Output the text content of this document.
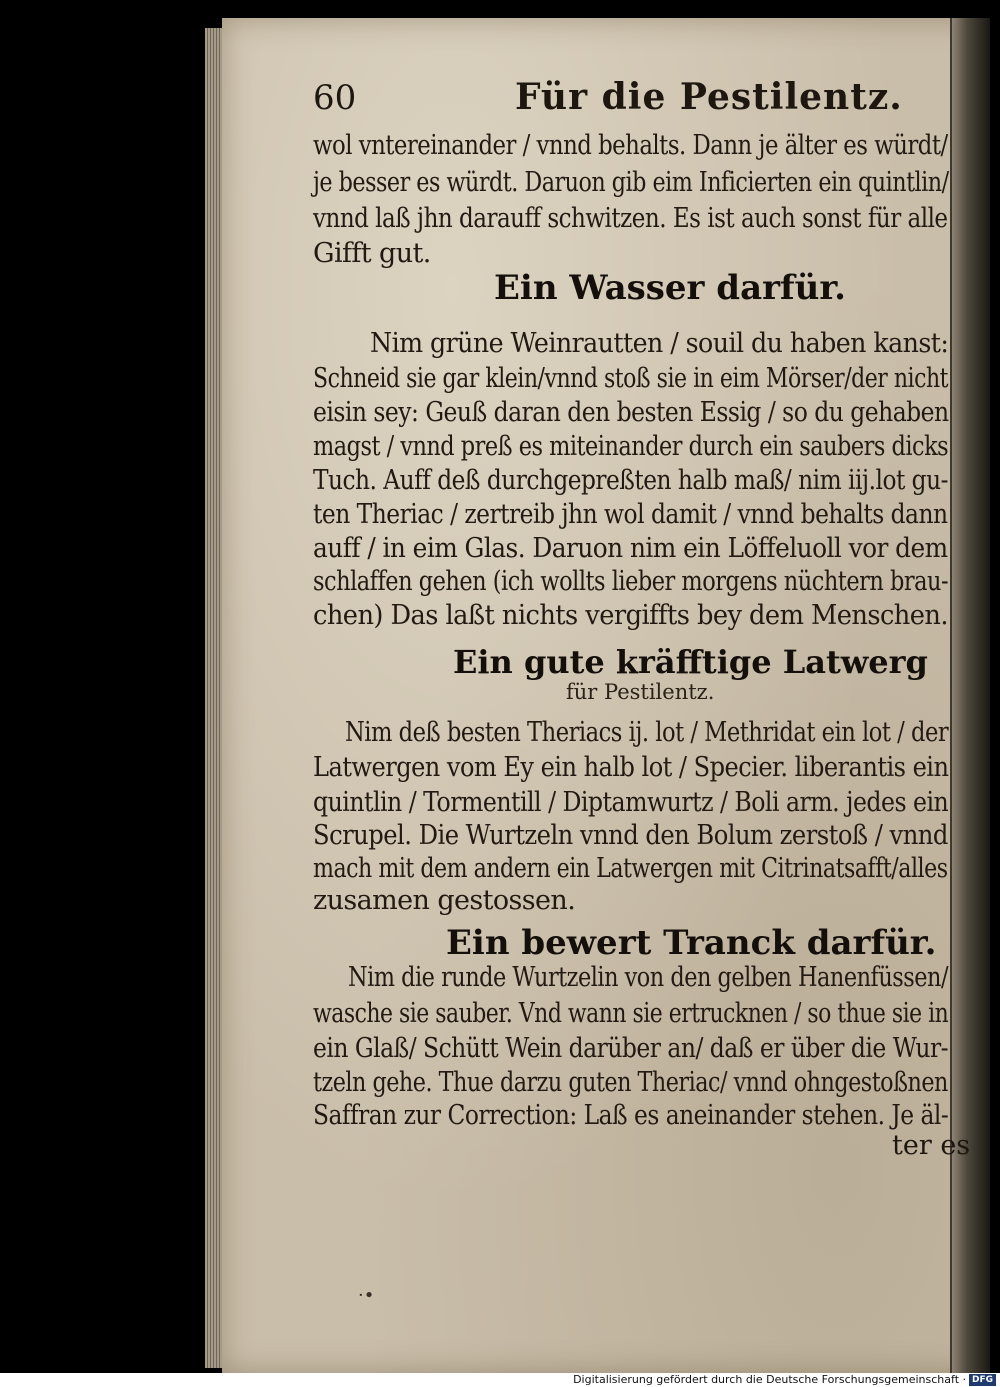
60	Für die Pestilentz.
wol vntereinander / vnnd behalts. Dann je älter es würdt/
je besser es würdt. Daruon gib eim Inficierten ein quintlin/
vnnd laß jhn darauff schwitzen. Es ist auch sonst für alle
Gifft gut.
Ein Wasser darfür.
Nim grüne Weinrautten / souil du haben kanst:
Schneid sie gar klein/vnnd stoß sie in eim Mörser/der nicht
eisin sey: Geuß daran den besten Essig / so du gehaben
magst / vnnd preß es miteinander durch ein saubers dicks
Tuch. Auff deß durchgepreßten halb maß/ nim iij.lot gu-
ten Theriac / zertreib jhn wol damit / vnnd behalts dann
auff / in eim Glas. Daruon nim ein Löffeluoll vor dem
schlaffen gehen (ich wollts lieber morgens nüchtern brau-
chen) Das laßt nichts vergiffts bey dem Menschen.
Ein gute kräfftige Latwerg
für Pestilentz.
Nim deß besten Theriacs ij. lot / Methridat ein lot / der
Latwergen vom Ey ein halb lot / Specier. liberantis ein
quintlin / Tormentill / Diptamwurtz / Boli arm. jedes ein
Scrupel. Die Wurtzeln vnnd den Bolum zerstoß / vnnd
mach mit dem andern ein Latwergen mit Citrinatsafft/alles
zusamen gestossen.
Ein bewert Tranck darfür.
Nim die runde Wurtzelin von den gelben Hanenfüssen/
wasche sie sauber. Vnd wann sie ertrucknen / so thue sie in
ein Glaß/ Schütt Wein darüber an/ daß er über die Wur-
tzeln gehe. Thue darzu guten Theriac/ vnnd ohngestoßnen
Saffran zur Correction: Laß es aneinander stehen. Je äl-
ter es
·•
Digitalisierung gefördert durch die Deutsche Forschungsgemeinschaft · DFG
